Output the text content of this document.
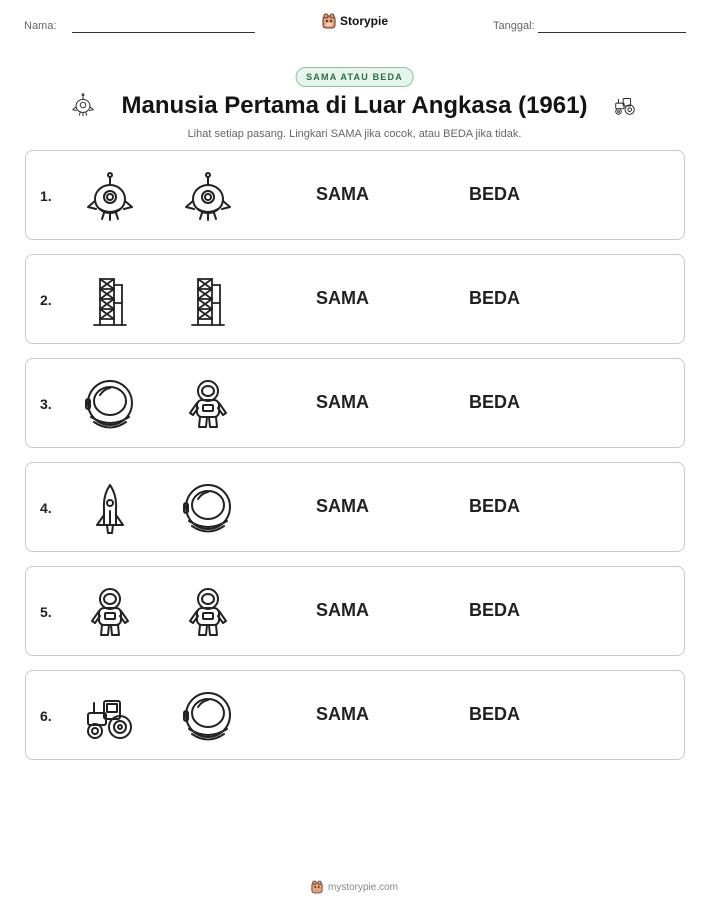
Nama:	Storypie	Tanggal:
SAMA ATAU BEDA
Manusia Pertama di Luar Angkasa (1961)
Lihat setiap pasang. Lingkari SAMA jika cocok, atau BEDA jika tidak.
1.	SAMA	BEDA
2.	SAMA	BEDA
3.	SAMA	BEDA
4.	SAMA	BEDA
5.	SAMA	BEDA
6.	SAMA	BEDA
mystorypie.com
